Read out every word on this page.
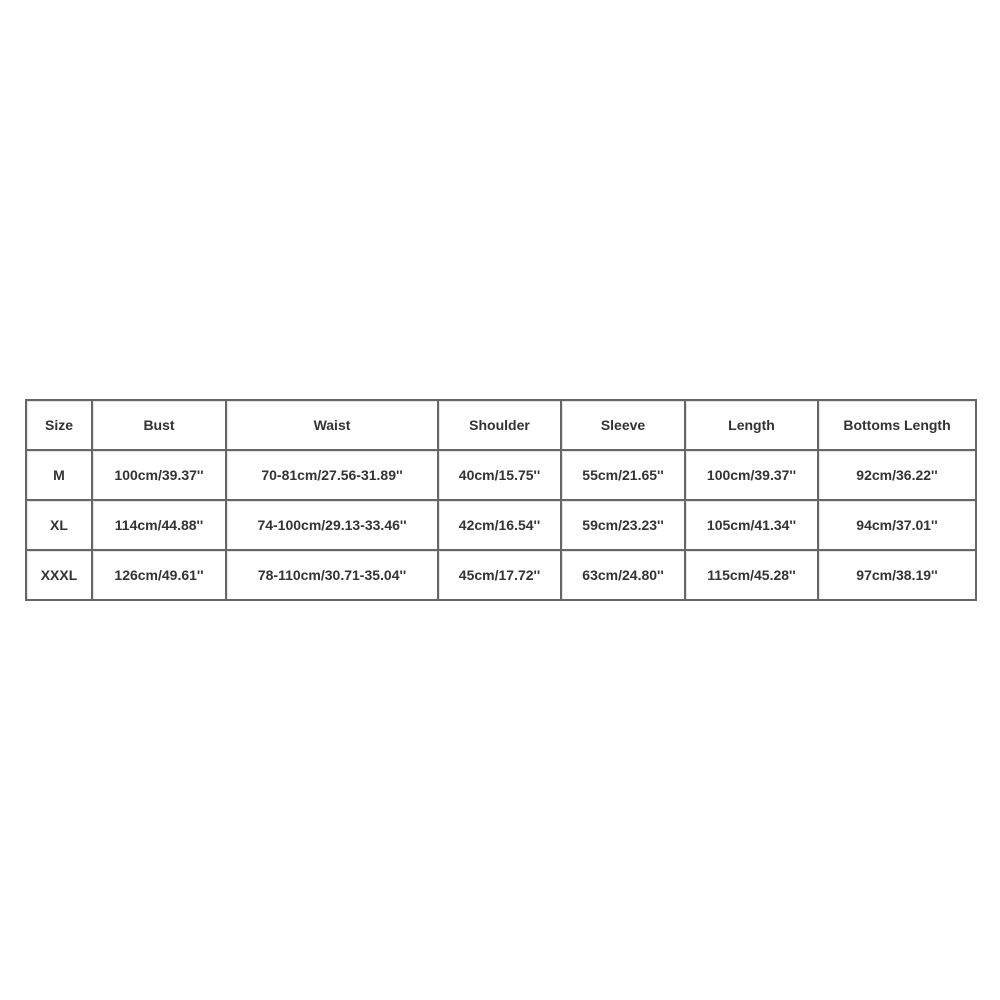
Size	Bust	Waist	Shoulder	Sleeve	Length	Bottoms Length
M	100cm/39.37''	70-81cm/27.56-31.89''	40cm/15.75''	55cm/21.65''	100cm/39.37''	92cm/36.22''
XL	114cm/44.88''	74-100cm/29.13-33.46''	42cm/16.54''	59cm/23.23''	105cm/41.34''	94cm/37.01''
XXXL	126cm/49.61''	78-110cm/30.71-35.04''	45cm/17.72''	63cm/24.80''	115cm/45.28''	97cm/38.19''
